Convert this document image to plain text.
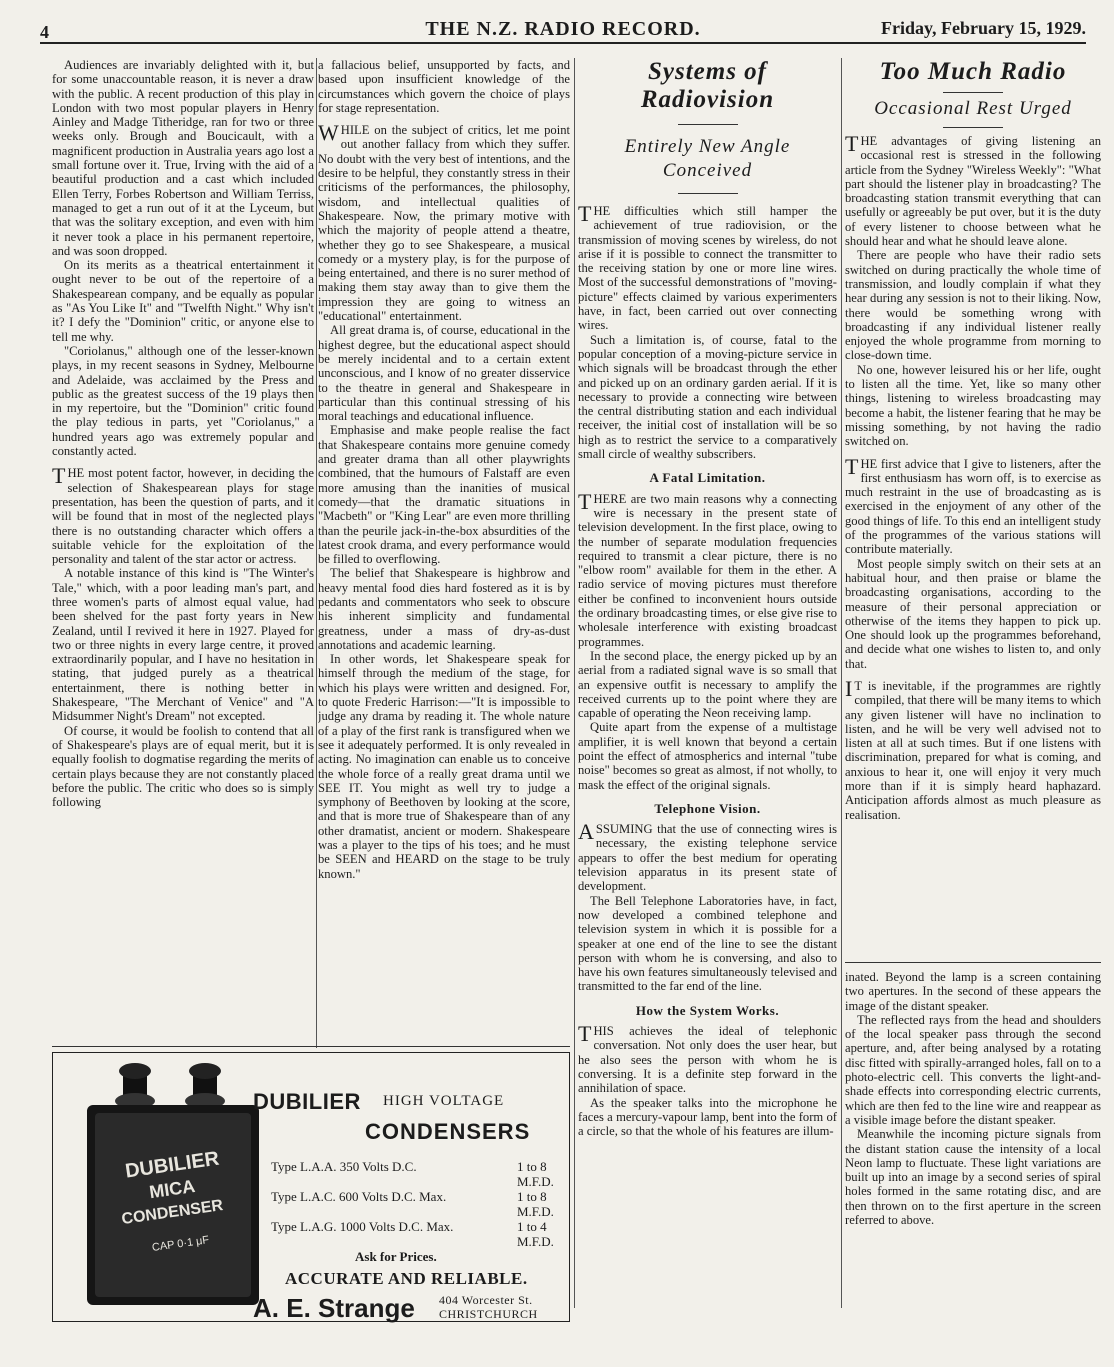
4	THE N.Z. RADIO RECORD.	Friday, February 15, 1929.

Audiences are invariably delighted with it, but for some unaccountable reason, it is never a draw with the public. A recent production of this play in London with two most popular players in Henry Ainley and Madge Titheridge, ran for two or three weeks only. Brough and Boucicault, with a magnificent production in Australia years ago lost a small fortune over it. True, Irving with the aid of a beautiful production and a cast which included Ellen Terry, Forbes Robertson and William Terriss, managed to get a run out of it at the Lyceum, but that was the solitary exception, and even with him it never took a place in his permanent repertoire, and was soon dropped.

On its merits as a theatrical entertainment it ought never to be out of the repertoire of a Shakespearean company, and be equally as popular as "As You Like It" and "Twelfth Night." Why isn't it? I defy the "Dominion" critic, or anyone else to tell me why.

"Coriolanus," although one of the lesser-known plays, in my recent seasons in Sydney, Melbourne and Adelaide, was acclaimed by the Press and public as the greatest success of the 19 plays then in my repertoire, but the "Dominion" critic found the play tedious in parts, yet "Coriolanus," a hundred years ago was extremely popular and constantly acted.

THE most potent factor, however, in deciding the selection of Shakespearean plays for stage presentation, has been the question of parts, and it will be found that in most of the neglected plays there is no outstanding character which offers a suitable vehicle for the exploitation of the personality and talent of the star actor or actress.

A notable instance of this kind is "The Winter's Tale," which, with a poor leading man's part, and three women's parts of almost equal value, had been shelved for the past forty years in New Zealand, until I revived it here in 1927. Played for two or three nights in every large centre, it proved extraordinarily popular, and I have no hesitation in stating, that judged purely as a theatrical entertainment, there is nothing better in Shakespeare, "The Merchant of Venice" and "A Midsummer Night's Dream" not excepted.

Of course, it would be foolish to contend that all of Shakespeare's plays are of equal merit, but it is equally foolish to dogmatise regarding the merits of certain plays because they are not constantly placed before the public. The critic who does so is simply following

a fallacious belief, unsupported by facts, and based upon insufficient knowledge of the circumstances which govern the choice of plays for stage representation.

WHILE on the subject of critics, let me point out another fallacy from which they suffer. No doubt with the very best of intentions, and the desire to be helpful, they constantly stress in their criticisms of the performances, the philosophy, wisdom, and intellectual qualities of Shakespeare. Now, the primary motive with which the majority of people attend a theatre, whether they go to see Shakespeare, a musical comedy or a mystery play, is for the purpose of being entertained, and there is no surer method of making them stay away than to give them the impression they are going to witness an "educational" entertainment.

All great drama is, of course, educational in the highest degree, but the educational aspect should be merely incidental and to a certain extent unconscious, and I know of no greater disservice to the theatre in general and Shakespeare in particular than this continual stressing of his moral teachings and educational influence.

Emphasise and make people realise the fact that Shakespeare contains more genuine comedy and greater drama than all other playwrights combined, that the humours of Falstaff are even more amusing than the inanities of musical comedy—that the dramatic situations in "Macbeth" or "King Lear" are even more thrilling than the peurile jack-in-the-box absurdities of the latest crook drama, and every performance would be filled to overflowing.

The belief that Shakespeare is highbrow and heavy mental food dies hard fostered as it is by pedants and commentators who seek to obscure his inherent simplicity and fundamental greatness, under a mass of dry-as-dust annotations and academic learning.

In other words, let Shakespeare speak for himself through the medium of the stage, for which his plays were written and designed. For, to quote Frederic Harrison:—"It is impossible to judge any drama by reading it. The whole nature of a play of the first rank is transfigured when we see it adequately performed. It is only revealed in acting. No imagination can enable us to conceive the whole force of a really great drama until we SEE IT. You might as well try to judge a symphony of Beethoven by looking at the score, and that is more true of Shakespeare than of any other dramatist, ancient or modern. Shakespeare was a player to the tips of his toes; and he must be SEEN and HEARD on the stage to be truly known."

Systems of Radiovision
Entirely New Angle Conceived

THE difficulties which still hamper the achievement of true radiovision, or the transmission of moving scenes by wireless, do not arise if it is possible to connect the transmitter to the receiving station by one or more line wires. Most of the successful demonstrations of "moving-picture" effects claimed by various experimenters have, in fact, been carried out over connecting wires.

Such a limitation is, of course, fatal to the popular conception of a moving-picture service in which signals will be broadcast through the ether and picked up on an ordinary garden aerial. If it is necessary to provide a connecting wire between the central distributing station and each individual receiver, the initial cost of installation will be so high as to restrict the service to a comparatively small circle of wealthy subscribers.

A Fatal Limitation.

THERE are two main reasons why a connecting wire is necessary in the present state of television development. In the first place, owing to the number of separate modulation frequencies required to transmit a clear picture, there is no "elbow room" available for them in the ether. A radio service of moving pictures must therefore either be confined to inconvenient hours outside the ordinary broadcasting times, or else give rise to wholesale interference with existing broadcast programmes.

In the second place, the energy picked up by an aerial from a radiated signal wave is so small that an expensive outfit is necessary to amplify the received currents up to the point where they are capable of operating the Neon receiving lamp.

Quite apart from the expense of a multistage amplifier, it is well known that beyond a certain point the effect of atmospherics and internal "tube noise" becomes so great as almost, if not wholly, to mask the effect of the original signals.

Telephone Vision.

ASSUMING that the use of connecting wires is necessary, the existing telephone service appears to offer the best medium for operating television apparatus in its present state of development.

The Bell Telephone Laboratories have, in fact, now developed a combined telephone and television system in which it is possible for a speaker at one end of the line to see the distant person with whom he is conversing, and also to have his own features simultaneously televised and transmitted to the far end of the line.

How the System Works.

THIS achieves the ideal of telephonic conversation. Not only does the user hear, but he also sees the person with whom he is conversing. It is a definite step forward in the annihilation of space.

As the speaker talks into the microphone he faces a mercury-vapour lamp, bent into the form of a circle, so that the whole of his features are illum-

Too Much Radio
Occasional Rest Urged

THE advantages of giving listening an occasional rest is stressed in the following article from the Sydney "Wireless Weekly": "What part should the listener play in broadcasting? The broadcasting station transmit everything that can usefully or agreeably be put over, but it is the duty of every listener to choose between what he should hear and what he should leave alone.

There are people who have their radio sets switched on during practically the whole time of transmission, and loudly complain if what they hear during any session is not to their liking. Now, there would be something wrong with broadcasting if any individual listener really enjoyed the whole programme from morning to close-down time.

No one, however leisured his or her life, ought to listen all the time. Yet, like so many other things, listening to wireless broadcasting may become a habit, the listener fearing that he may be missing something, by not having the radio switched on.

THE first advice that I give to listeners, after the first enthusiasm has worn off, is to exercise as much restraint in the use of broadcasting as is exercised in the enjoyment of any other of the good things of life. To this end an intelligent study of the programmes of the various stations will contribute materially.

Most people simply switch on their sets at an habitual hour, and then praise or blame the broadcasting organisations, according to the measure of their personal appreciation or otherwise of the items they happen to pick up. One should look up the programmes beforehand, and decide what one wishes to listen to, and only that.

IT is inevitable, if the programmes are rightly compiled, that there will be many items to which any given listener will have no inclination to listen, and he will be very well advised not to listen at all at such times. But if one listens with discrimination, prepared for what is coming, and anxious to hear it, one will enjoy it very much more than if it is simply heard haphazard. Anticipation affords almost as much pleasure as realisation.

inated. Beyond the lamp is a screen containing two apertures. In the second of these appears the image of the distant speaker.

The reflected rays from the head and shoulders of the local speaker pass through the second aperture, and, after being analysed by a rotating disc fitted with spirally-arranged holes, fall on to a photo-electric cell. This converts the light-and-shade effects into corresponding electric currents, which are then fed to the line wire and reappear as a visible image before the distant speaker.

Meanwhile the incoming picture signals from the distant station cause the intensity of a local Neon lamp to fluctuate. These light variations are built up into an image by a second series of spiral holes formed in the same rotating disc, and are then thrown on to the first aperture in the screen referred to above.

DUBILIER
MICA
CONDENSER
CAP 0·1 μF
DUBILIER HIGH VOLTAGE
CONDENSERS
Type L.A.A. 350 Volts D.C.	1 to 8 M.F.D.
Type L.A.C. 600 Volts D.C. Max.	1 to 8 M.F.D.
Type L.A.G. 1000 Volts D.C. Max.	1 to 4 M.F.D.
Ask for Prices.
ACCURATE AND RELIABLE.
A. E. Strange 404 Worcester St.
CHRISTCHURCH
